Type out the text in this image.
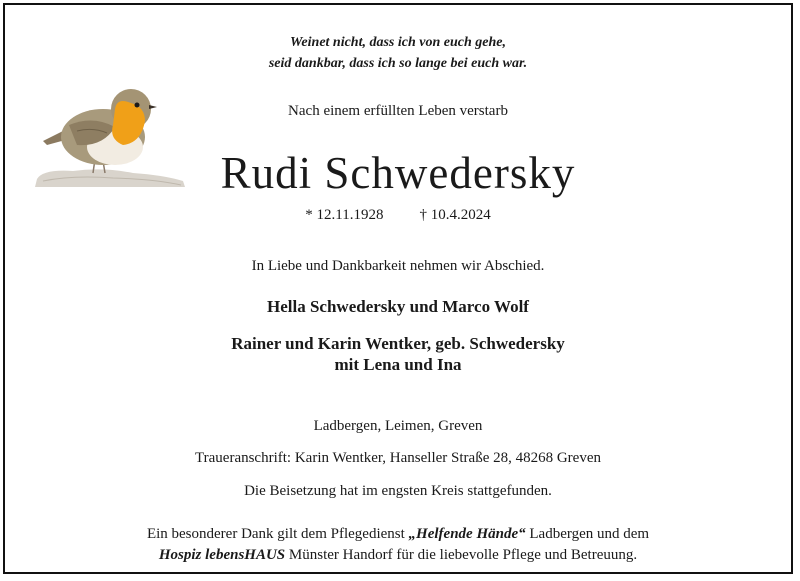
Weinet nicht, dass ich von euch gehe,
seid dankbar, dass ich so lange bei euch war.
Nach einem erfüllten Leben verstarb
Rudi Schwedersky
* 12.11.1928 † 10.4.2024
In Liebe und Dankbarkeit nehmen wir Abschied.
Hella Schwedersky und Marco Wolf
Rainer und Karin Wentker, geb. Schwedersky
mit Lena und Ina
Ladbergen, Leimen, Greven
Traueranschrift: Karin Wentker, Hanseller Straße 28, 48268 Greven
Die Beisetzung hat im engsten Kreis stattgefunden.
Ein besonderer Dank gilt dem Pflegedienst „Helfende Hände“ Ladbergen und dem
Hospiz lebensHAUS Münster Handorf für die liebevolle Pflege und Betreuung.
